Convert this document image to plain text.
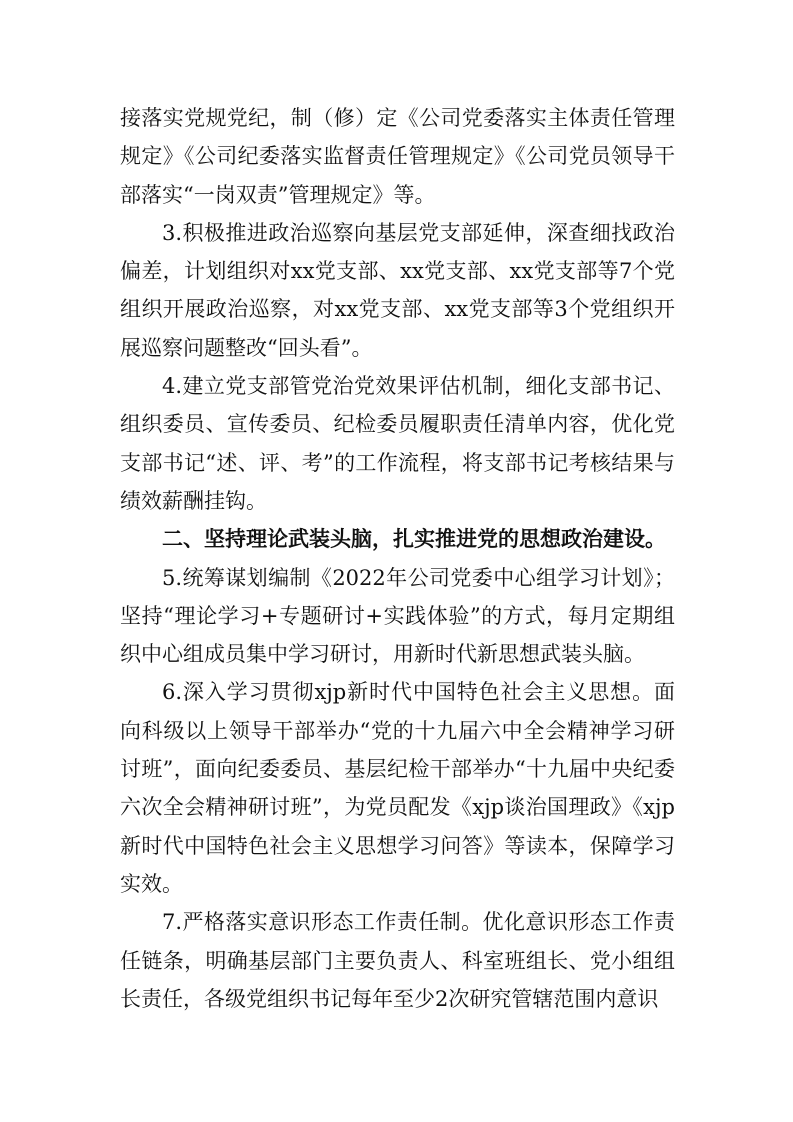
接落实党规党纪，制（修）定《公司党委落实主体责任管理规定》《公司纪委落实监督责任管理规定》《公司党员领导干部落实“一岗双责”管理规定》等。

3.积极推进政治巡察向基层党支部延伸，深查细找政治偏差，计划组织对xx党支部、xx党支部、xx党支部等7个党组织开展政治巡察，对xx党支部、xx党支部等3个党组织开展巡察问题整改“回头看”。

4.建立党支部管党治党效果评估机制，细化支部书记、组织委员、宣传委员、纪检委员履职责任清单内容，优化党支部书记“述、评、考”的工作流程，将支部书记考核结果与绩效薪酬挂钩。

二、坚持理论武装头脑，扎实推进党的思想政治建设。

5.统筹谋划编制《2022年公司党委中心组学习计划》；坚持“理论学习+专题研讨+实践体验”的方式，每月定期组织中心组成员集中学习研讨，用新时代新思想武装头脑。

6.深入学习贯彻xjp新时代中国特色社会主义思想。面向科级以上领导干部举办“党的十九届六中全会精神学习研讨班”，面向纪委委员、基层纪检干部举办“十九届中央纪委六次全会精神研讨班”，为党员配发《xjp谈治国理政》《xjp新时代中国特色社会主义思想学习问答》等读本，保障学习实效。

7.严格落实意识形态工作责任制。优化意识形态工作责任链条，明确基层部门主要负责人、科室班组长、党小组组长责任，各级党组织书记每年至少2次研究管辖范围内意识
